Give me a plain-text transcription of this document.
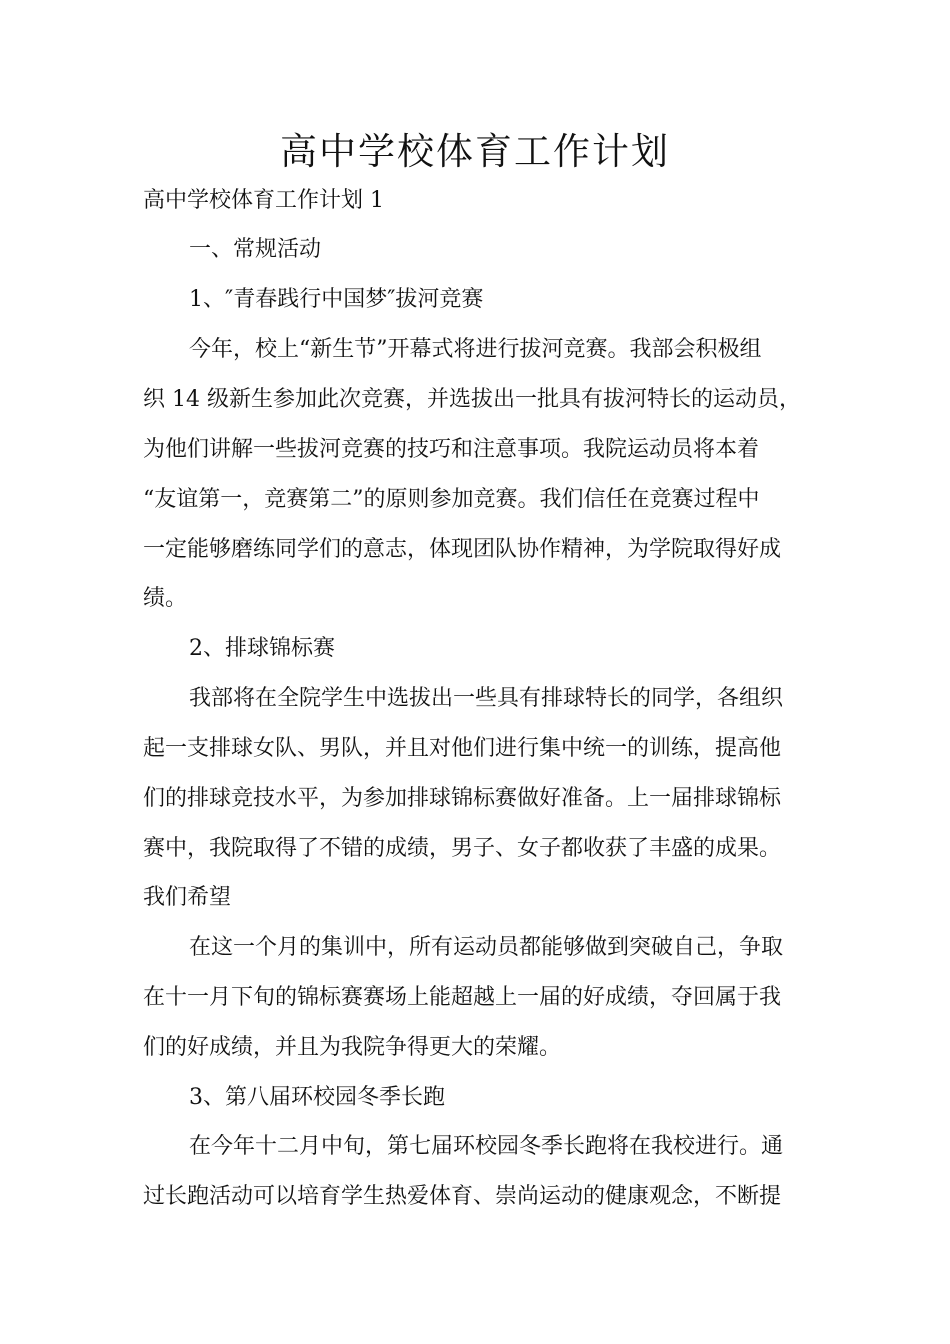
高中学校体育工作计划

高中学校体育工作计划 1

一、常规活动

1、″青春践行中国梦″拔河竞赛

今年，校上“新生节”开幕式将进行拔河竞赛。我部会积极组

织 14 级新生参加此次竞赛，并选拔出一批具有拔河特长的运动员，

为他们讲解一些拔河竞赛的技巧和注意事项。我院运动员将本着

“友谊第一，竞赛第二”的原则参加竞赛。我们信任在竞赛过程中

一定能够磨练同学们的意志，体现团队协作精神，为学院取得好成

绩。

2、排球锦标赛

我部将在全院学生中选拔出一些具有排球特长的同学，各组织

起一支排球女队、男队，并且对他们进行集中统一的训练，提高他

们的排球竞技水平，为参加排球锦标赛做好准备。上一届排球锦标

赛中，我院取得了不错的成绩，男子、女子都收获了丰盛的成果。

我们希望

在这一个月的集训中，所有运动员都能够做到突破自己，争取

在十一月下旬的锦标赛赛场上能超越上一届的好成绩，夺回属于我

们的好成绩，并且为我院争得更大的荣耀。

3、第八届环校园冬季长跑

在今年十二月中旬，第七届环校园冬季长跑将在我校进行。通

过长跑活动可以培育学生热爱体育、崇尚运动的健康观念，不断提
